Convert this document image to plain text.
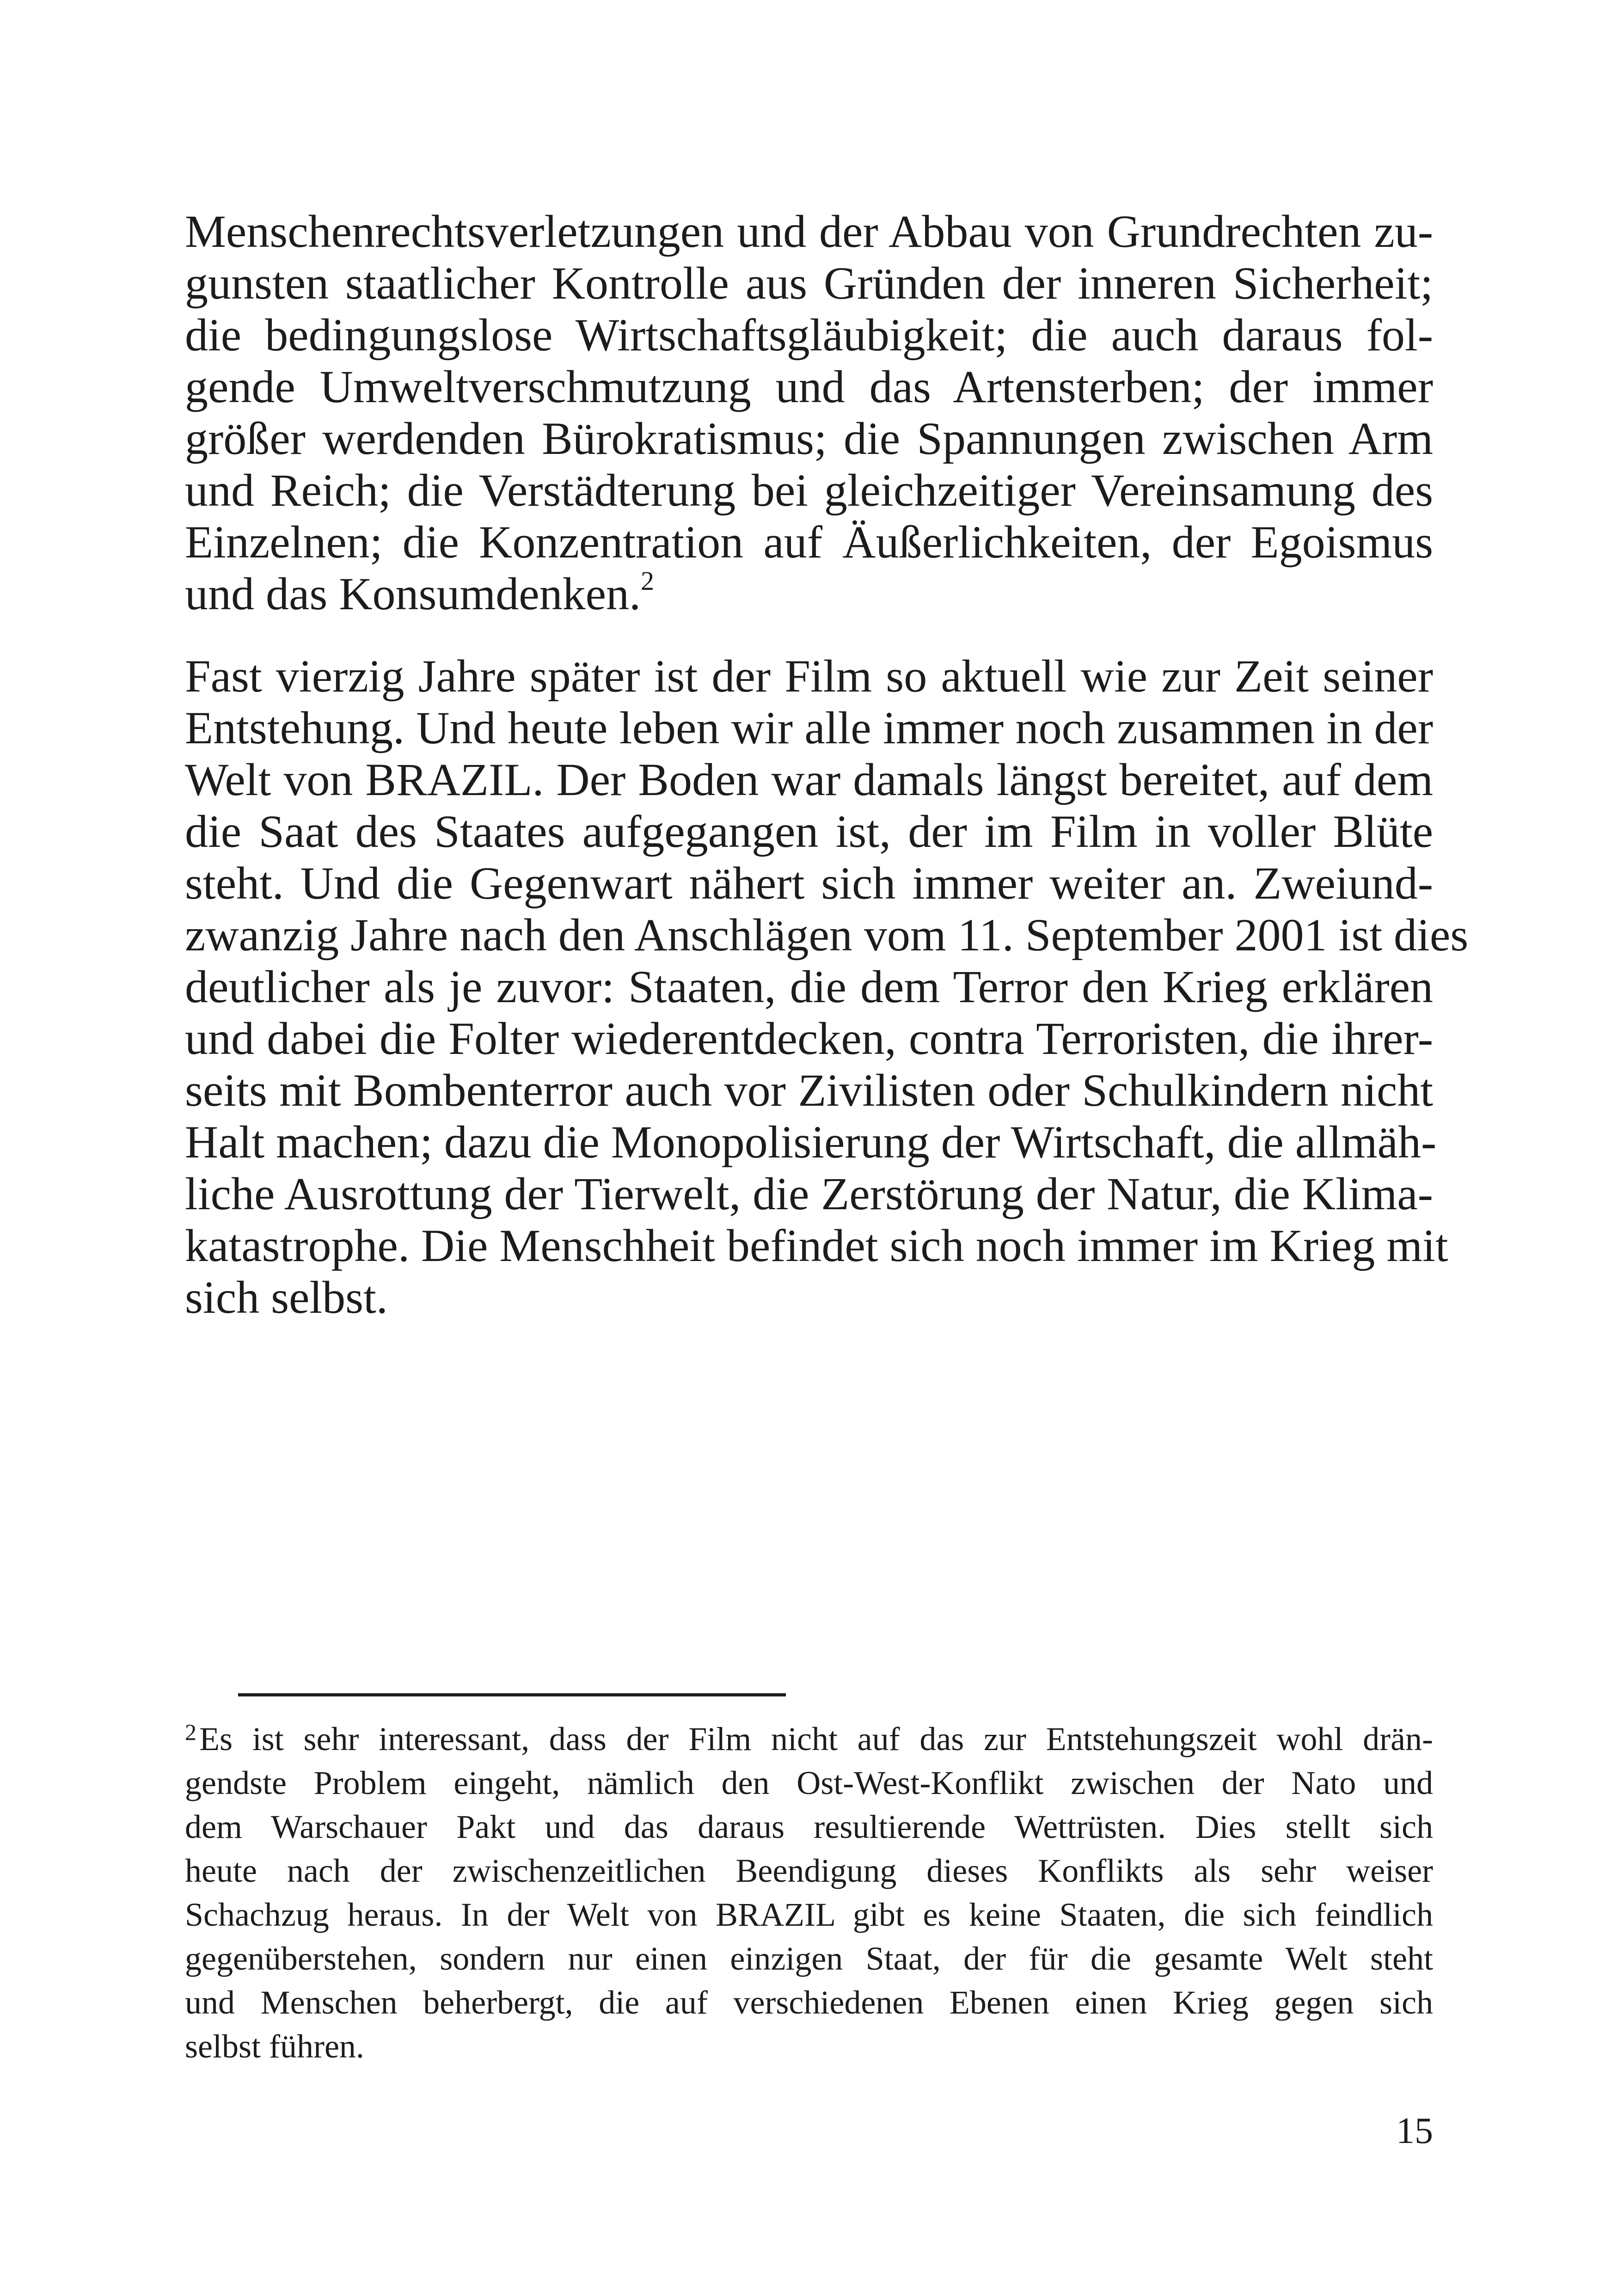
Menschenrechtsverletzungen und der Abbau von Grundrechten zu-
gunsten staatlicher Kontrolle aus Gründen der inneren Sicherheit;
die bedingungslose Wirtschaftsgläubigkeit; die auch daraus fol-
gende Umweltverschmutzung und das Artensterben; der immer
größer werdenden Bürokratismus; die Spannungen zwischen Arm
und Reich; die Verstädterung bei gleichzeitiger Vereinsamung des
Einzelnen; die Konzentration auf Äußerlichkeiten, der Egoismus
und das Konsumdenken.$^2$
Fast vierzig Jahre später ist der Film so aktuell wie zur Zeit seiner
Entstehung. Und heute leben wir alle immer noch zusammen in der
Welt von BRAZIL. Der Boden war damals längst bereitet, auf dem
die Saat des Staates aufgegangen ist, der im Film in voller Blüte
steht. Und die Gegenwart nähert sich immer weiter an. Zweiund-
zwanzig Jahre nach den Anschlägen vom 11. September 2001 ist dies
deutlicher als je zuvor: Staaten, die dem Terror den Krieg erklären
und dabei die Folter wiederentdecken, contra Terroristen, die ihrer-
seits mit Bombenterror auch vor Zivilisten oder Schulkindern nicht
Halt machen; dazu die Monopolisierung der Wirtschaft, die allmäh-
liche Ausrottung der Tierwelt, die Zerstörung der Natur, die Klima-
katastrophe. Die Menschheit befindet sich noch immer im Krieg mit
sich selbst.
$^2$Es ist sehr interessant, dass der Film nicht auf das zur Entstehungszeit wohl drän-
gendste Problem eingeht, nämlich den Ost-West-Konflikt zwischen der Nato und
dem Warschauer Pakt und das daraus resultierende Wettrüsten. Dies stellt sich
heute nach der zwischenzeitlichen Beendigung dieses Konflikts als sehr weiser
Schachzug heraus. In der Welt von BRAZIL gibt es keine Staaten, die sich feindlich
gegenüberstehen, sondern nur einen einzigen Staat, der für die gesamte Welt steht
und Menschen beherbergt, die auf verschiedenen Ebenen einen Krieg gegen sich
selbst führen.
15
